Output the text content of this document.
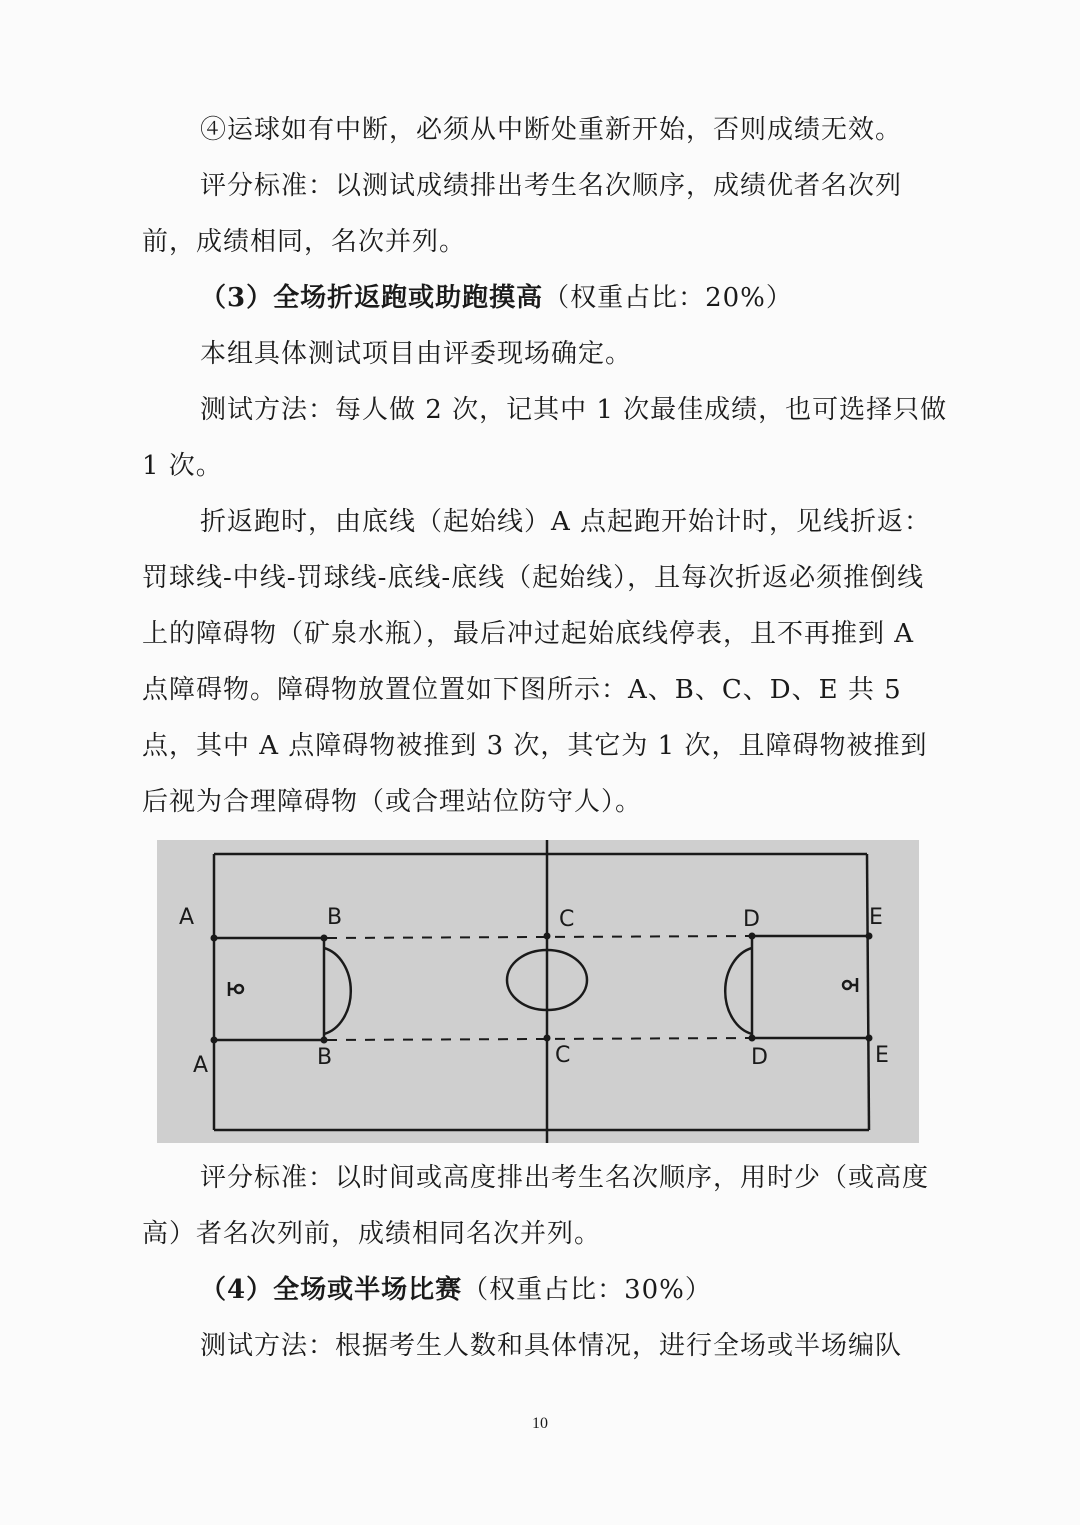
④运球如有中断，必须从中断处重新开始，否则成绩无效。

评分标准：以测试成绩排出考生名次顺序，成绩优者名次列前，成绩相同，名次并列。

（3）全场折返跑或助跑摸高（权重占比：20%）

本组具体测试项目由评委现场确定。

测试方法：每人做 2 次，记其中 1 次最佳成绩，也可选择只做 1 次。

折返跑时，由底线（起始线）A 点起跑开始计时，见线折返：罚球线-中线-罚球线-底线-底线（起始线），且每次折返必须推倒线上的障碍物（矿泉水瓶），最后冲过起始底线停表，且不再推到 A 点障碍物。障碍物放置位置如下图所示：A、B、C、D、E 共 5 点，其中 A 点障碍物被推到 3 次，其它为 1 次，且障碍物被推到后视为合理障碍物（或合理站位防守人）。

A	B	C	D	E
A	B	C	D	E

评分标准：以时间或高度排出考生名次顺序，用时少（或高度高）者名次列前，成绩相同名次并列。

（4）全场或半场比赛（权重占比：30%）

测试方法：根据考生人数和具体情况，进行全场或半场编队

10
